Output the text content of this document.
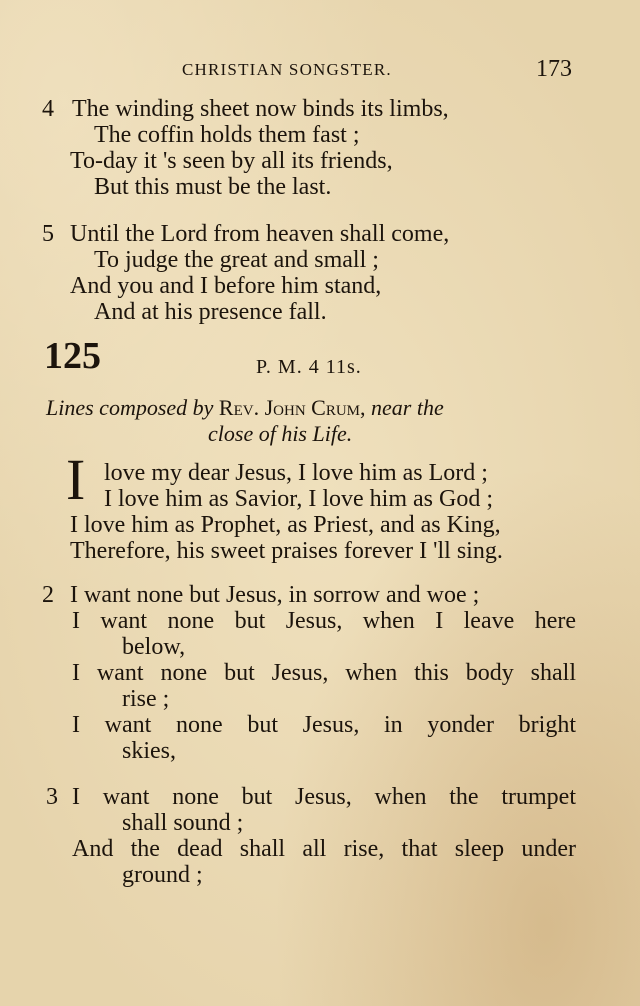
CHRISTIAN SONGSTER.	173
4 The winding sheet now binds its limbs,
The coffin holds them fast ;
To-day it 's seen by all its friends,
But this must be the last.
5 Until the Lord from heaven shall come,
To judge the great and small ;
And you and I before him stand,
And at his presence fall.
125	P. M. 4 11s.
Lines composed by Rev. John Crum, near the
close of his Life.
I love my dear Jesus, I love him as Lord ;
I love him as Savior, I love him as God ;
I love him as Prophet, as Priest, and as King,
Therefore, his sweet praises forever I 'll sing.
2 I want none but Jesus, in sorrow and woe ;
I want none but Jesus, when I leave here
below,
I want none but Jesus, when this body shall
rise ;
I want none but Jesus, in yonder bright
skies,
3 I want none but Jesus, when the trumpet
shall sound ;
And the dead shall all rise, that sleep under
ground ;
